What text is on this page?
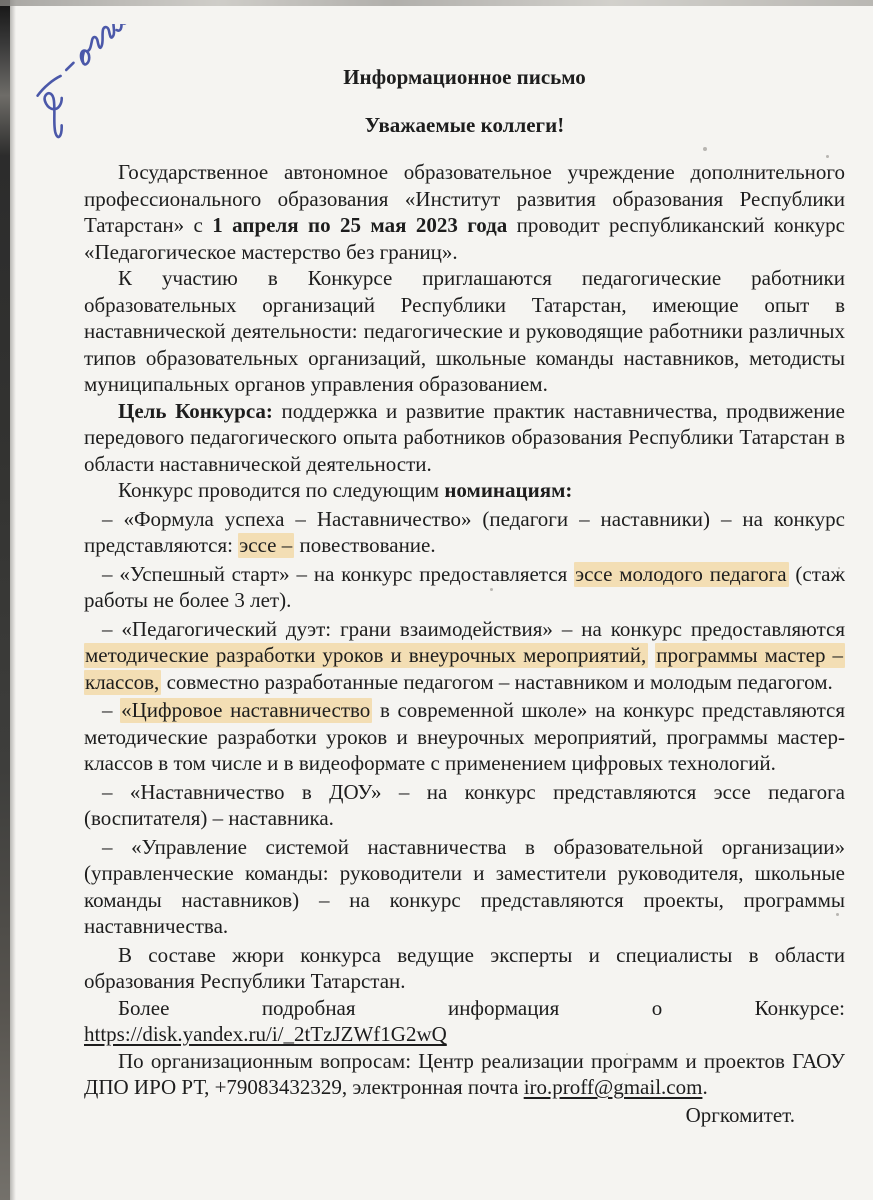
Информационное письмо
Уважаемые коллеги!

Государственное автономное образовательное учреждение дополнительного профессионального образования «Институт развития образования Республики Татарстан» с 1 апреля по 25 мая 2023 года проводит республиканский конкурс «Педагогическое мастерство без границ».

К участию в Конкурсе приглашаются педагогические работники образовательных организаций Республики Татарстан, имеющие опыт в наставнической деятельности: педагогические и руководящие работники различных типов образовательных организаций, школьные команды наставников, методисты муниципальных органов управления образованием.

Цель Конкурса: поддержка и развитие практик наставничества, продвижение передового педагогического опыта работников образования Республики Татарстан в области наставнической деятельности.

Конкурс проводится по следующим номинациям:

– «Формула успеха – Наставничество» (педагоги – наставники) – на конкурс представляются: эссе – повествование.

– «Успешный старт» – на конкурс предоставляется эссе молодого педагога (стаж работы не более 3 лет).

– «Педагогический дуэт: грани взаимодействия» – на конкурс предоставляются методические разработки уроков и внеурочных мероприятий, программы мастер – классов, совместно разработанные педагогом – наставником и молодым педагогом.

– «Цифровое наставничество в современной школе» на конкурс представляются методические разработки уроков и внеурочных мероприятий, программы мастер-классов в том числе и в видеоформате с применением цифровых технологий.

– «Наставничество в ДОУ» – на конкурс представляются эссе педагога (воспитателя) – наставника.

– «Управление системой наставничества в образовательной организации» (управленческие команды: руководители и заместители руководителя, школьные команды наставников) – на конкурс представляются проекты, программы наставничества.

В составе жюри конкурса ведущие эксперты и специалисты в области образования Республики Татарстан.

Более подробная информация о Конкурсе: https://disk.yandex.ru/i/_2tTzJZWf1G2wQ

По организационным вопросам: Центр реализации программ и проектов ГАОУ ДПО ИРО РТ, +79083432329, электронная почта iro.proff@gmail.com.

Оргкомитет.
